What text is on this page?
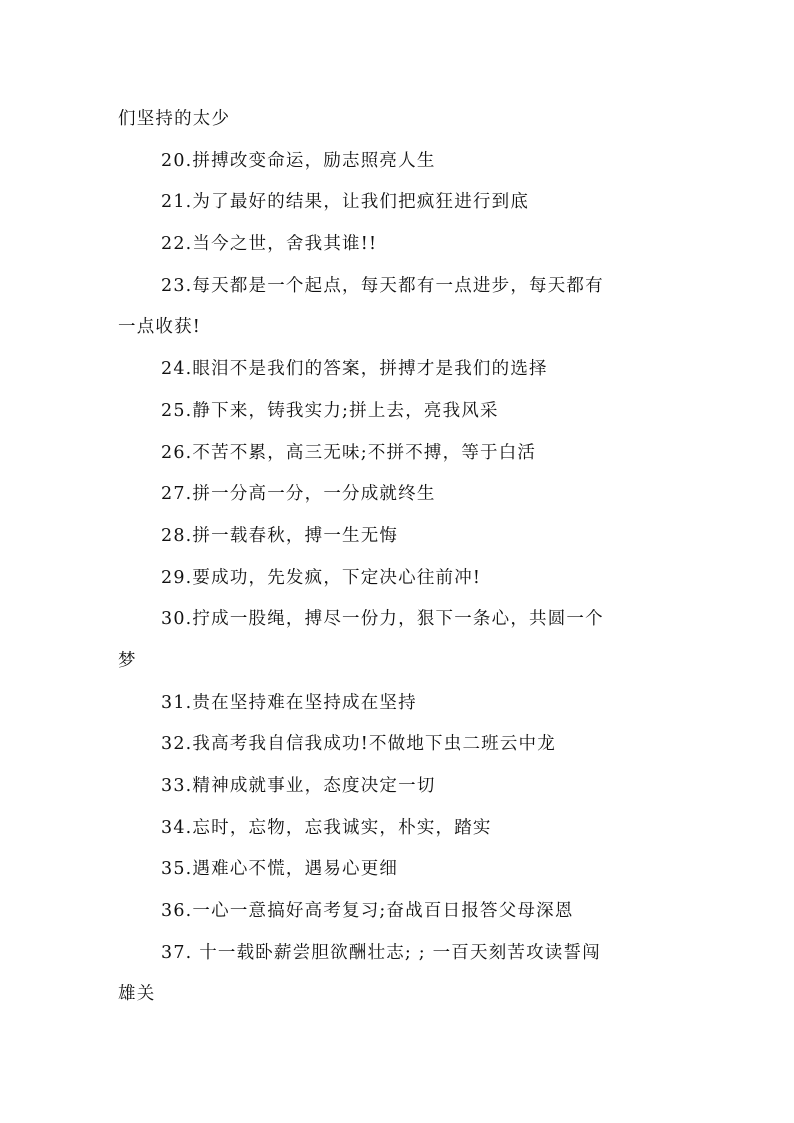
们坚持的太少
20.拼搏改变命运，励志照亮人生
21.为了最好的结果，让我们把疯狂进行到底
22.当今之世，舍我其谁!!
23.每天都是一个起点，每天都有一点进步，每天都有
一点收获!
24.眼泪不是我们的答案，拼搏才是我们的选择
25.静下来，铸我实力;拼上去，亮我风采
26.不苦不累，高三无味;不拼不搏，等于白活
27.拼一分高一分，一分成就终生
28.拼一载春秋，搏一生无悔
29.要成功，先发疯，下定决心往前冲!
30.拧成一股绳，搏尽一份力，狠下一条心，共圆一个
梦
31.贵在坚持难在坚持成在坚持
32.我高考我自信我成功!不做地下虫二班云中龙
33.精神成就事业，态度决定一切
34.忘时，忘物，忘我诚实，朴实，踏实
35.遇难心不慌，遇易心更细
36.一心一意搞好高考复习;奋战百日报答父母深恩
37. 十一载卧薪尝胆欲酬壮志; ; 一百天刻苦攻读誓闯
雄关
